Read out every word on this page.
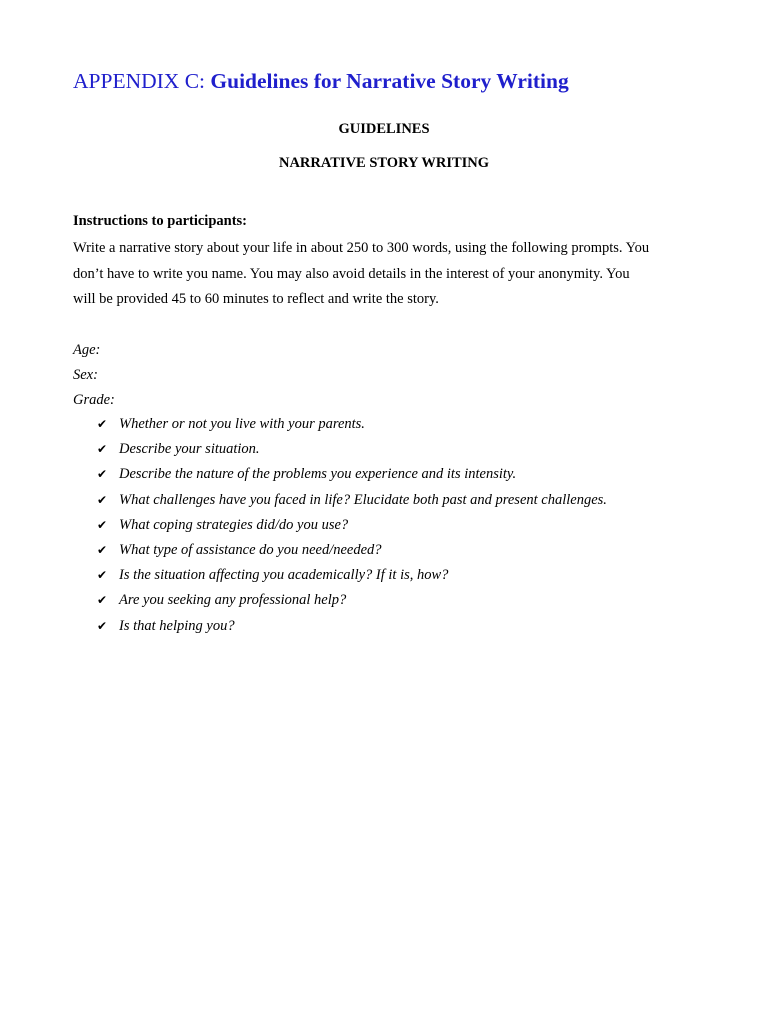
APPENDIX C: Guidelines for Narrative Story Writing
GUIDELINES
NARRATIVE STORY WRITING

Instructions to participants:

Write a narrative story about your life in about 250 to 300 words, using the following prompts. You
don’t have to write you name. You may also avoid details in the interest of your anonymity. You
will be provided 45 to 60 minutes to reflect and write the story.

Age:
Sex:
Grade:
✔ Whether or not you live with your parents.
✔ Describe your situation.
✔ Describe the nature of the problems you experience and its intensity.
✔ What challenges have you faced in life? Elucidate both past and present challenges.
✔ What coping strategies did/do you use?
✔ What type of assistance do you need/needed?
✔ Is the situation affecting you academically? If it is, how?
✔ Are you seeking any professional help?
✔ Is that helping you?
